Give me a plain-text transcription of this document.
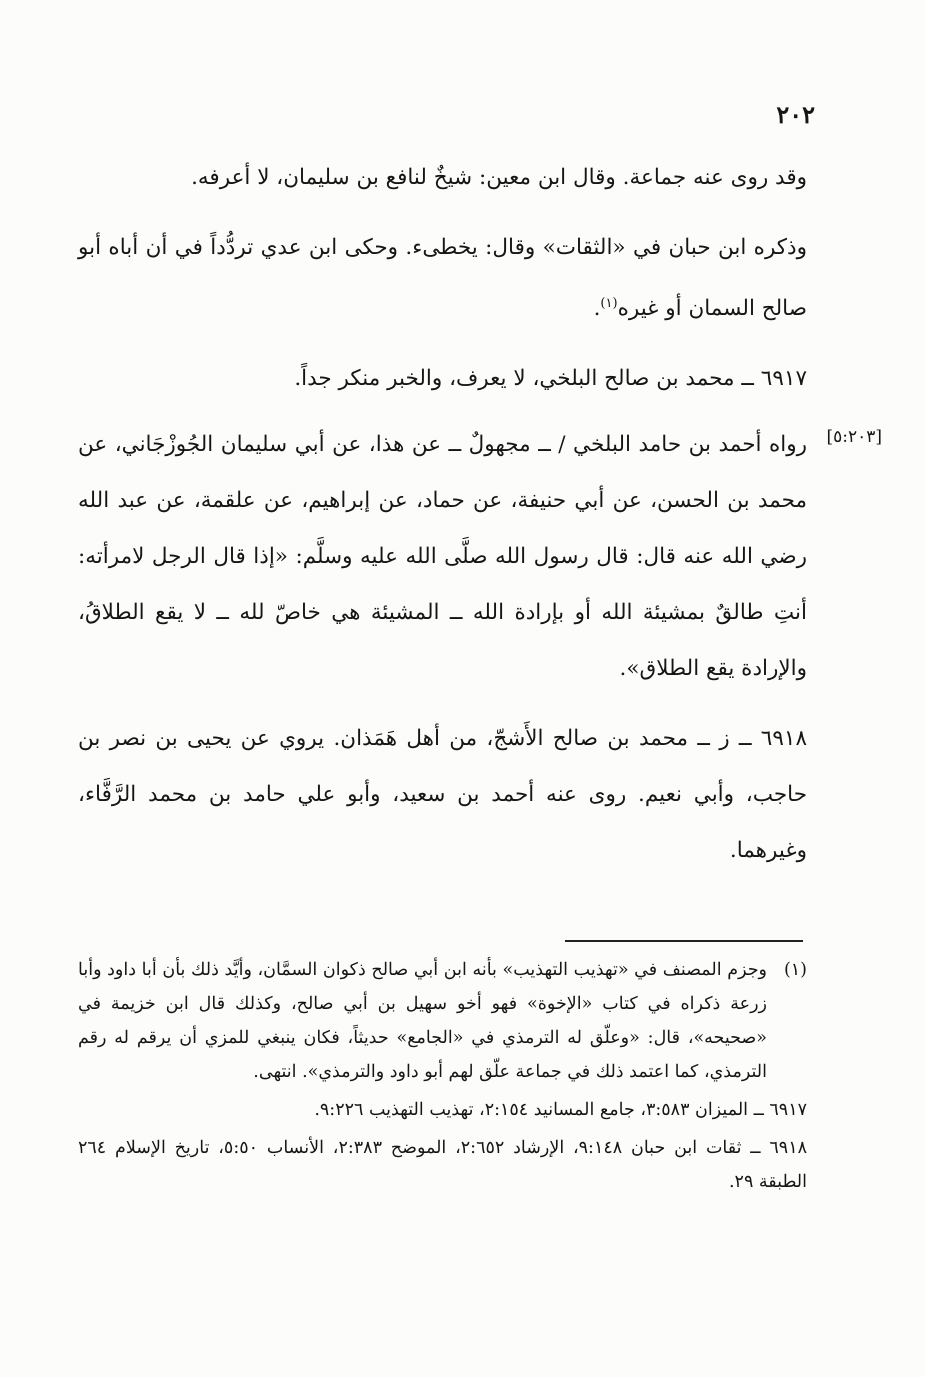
٢٠٢

وقد روى عنه جماعة. وقال ابن معين: شيخٌ لنافع بن سليمان، لا أعرفه.

وذكره ابن حبان في «الثقات» وقال: يخطىء. وحكى ابن عدي تردُّداً في أن أباه أبو صالح السمان أو غيره$^{(١)}$.

٦٩١٧ ــ محمد بن صالح البلخي، لا يعرف، والخبر منكر جداً.

[٥:٢٠٣]

رواه أحمد بن حامد البلخي / ــ مجهولٌ ــ عن هذا، عن أبي سليمان الجُوزْجَاني، عن محمد بن الحسن، عن أبي حنيفة، عن حماد، عن إبراهيم، عن علقمة، عن عبد الله رضي الله عنه قال: قال رسول الله صلَّى الله عليه وسلَّم: «إذا قال الرجل لامرأته: أنتِ طالقٌ بمشيئة الله أو بإرادة الله ــ المشيئة هي خاصّ لله ــ لا يقع الطلاقُ، والإرادة يقع الطلاق».

٦٩١٨ ــ ز ــ محمد بن صالح الأَشجّ، من أهل هَمَذان. يروي عن يحيى بن نصر بن حاجب، وأبي نعيم. روى عنه أحمد بن سعيد، وأبو علي حامد بن محمد الرَّفَّاء، وغيرهما.

(١)
وجزم المصنف في «تهذيب التهذيب» بأنه ابن أبي صالح ذكوان السمَّان، وأيَّد ذلك بأن أبا داود وأبا زرعة ذكراه في كتاب «الإخوة» فهو أخو سهيل بن أبي صالح، وكذلك قال ابن خزيمة في «صحيحه»، قال: «وعلّق له الترمذي في «الجامع» حديثاً، فكان ينبغي للمزي أن يرقم له رقم الترمذي، كما اعتمد ذلك في جماعة علّق لهم أبو داود والترمذي». انتهى.
٦٩١٧ ــ الميزان ٣:٥٨٣، جامع المسانيد ٢:١٥٤، تهذيب التهذيب ٩:٢٢٦.
٦٩١٨ ــ ثقات ابن حبان ٩:١٤٨، الإرشاد ٢:٦٥٢، الموضح ٢:٣٨٣، الأنساب ٥:٥٠، تاريخ الإسلام ٢٦٤ الطبقة ٢٩.
